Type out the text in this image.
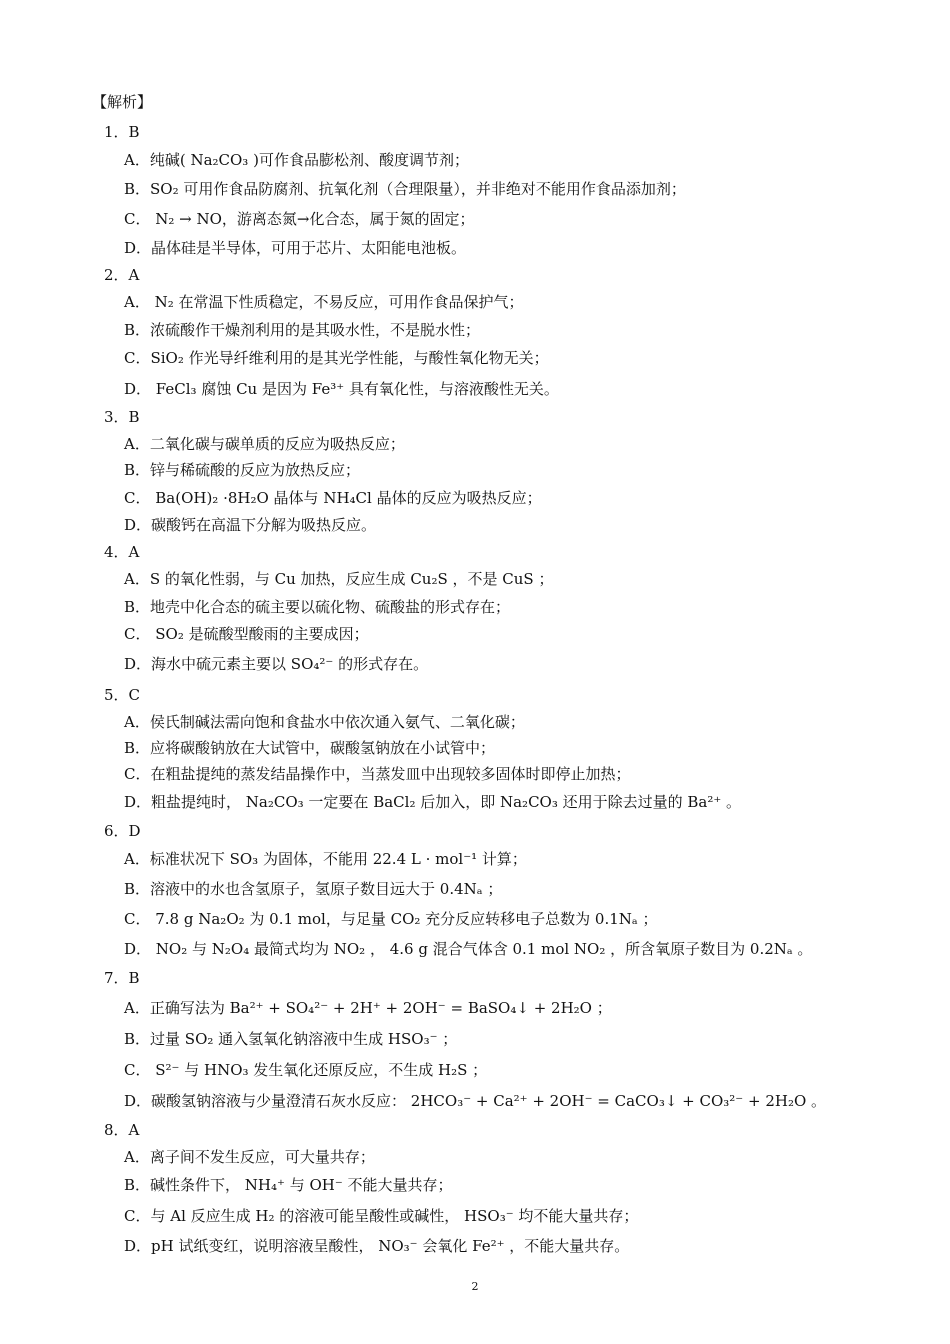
【解析】
1．B
A．纯碱( Na₂CO₃ )可作食品膨松剂、酸度调节剂；
B．SO₂ 可用作食品防腐剂、抗氧化剂（合理限量），并非绝对不能用作食品添加剂；
C． N₂ → NO，游离态氮→化合态，属于氮的固定；
D．晶体硅是半导体，可用于芯片、太阳能电池板。
2．A
A． N₂ 在常温下性质稳定，不易反应，可用作食品保护气；
B．浓硫酸作干燥剂利用的是其吸水性，不是脱水性；
C．SiO₂ 作光导纤维利用的是其光学性能，与酸性氧化物无关；
D． FeCl₃ 腐蚀 Cu 是因为 Fe³⁺ 具有氧化性，与溶液酸性无关。
3．B
A．二氧化碳与碳单质的反应为吸热反应；
B．锌与稀硫酸的反应为放热反应；
C． Ba(OH)₂ ·8H₂O 晶体与 NH₄Cl 晶体的反应为吸热反应；
D．碳酸钙在高温下分解为吸热反应。
4．A
A．S 的氧化性弱，与 Cu 加热，反应生成 Cu₂S ，不是 CuS ；
B．地壳中化合态的硫主要以硫化物、硫酸盐的形式存在；
C． SO₂ 是硫酸型酸雨的主要成因；
D．海水中硫元素主要以 SO₄²⁻ 的形式存在。
5．C
A．侯氏制碱法需向饱和食盐水中依次通入氨气、二氧化碳；
B．应将碳酸钠放在大试管中，碳酸氢钠放在小试管中；
C．在粗盐提纯的蒸发结晶操作中，当蒸发皿中出现较多固体时即停止加热；
D．粗盐提纯时， Na₂CO₃ 一定要在 BaCl₂ 后加入，即 Na₂CO₃ 还用于除去过量的 Ba²⁺ 。
6．D
A．标准状况下 SO₃ 为固体，不能用 22.4 L · mol⁻¹ 计算；
B．溶液中的水也含氢原子，氢原子数目远大于 0.4Nₐ ；
C． 7.8 g Na₂O₂ 为 0.1 mol，与足量 CO₂ 充分反应转移电子总数为 0.1Nₐ ；
D． NO₂ 与 N₂O₄ 最简式均为 NO₂ ， 4.6 g 混合气体含 0.1 mol NO₂ ，所含氧原子数目为 0.2Nₐ 。
7．B
A．正确写法为 Ba²⁺ + SO₄²⁻ + 2H⁺ + 2OH⁻ = BaSO₄↓ + 2H₂O ；
B．过量 SO₂ 通入氢氧化钠溶液中生成 HSO₃⁻ ；
C． S²⁻ 与 HNO₃ 发生氧化还原反应，不生成 H₂S ；
D．碳酸氢钠溶液与少量澄清石灰水反应： 2HCO₃⁻ + Ca²⁺ + 2OH⁻ = CaCO₃↓ + CO₃²⁻ + 2H₂O 。
8．A
A．离子间不发生反应，可大量共存；
B．碱性条件下， NH₄⁺ 与 OH⁻ 不能大量共存；
C．与 Al 反应生成 H₂ 的溶液可能呈酸性或碱性， HSO₃⁻ 均不能大量共存；
D．pH 试纸变红，说明溶液呈酸性， NO₃⁻ 会氧化 Fe²⁺ ，不能大量共存。
2
